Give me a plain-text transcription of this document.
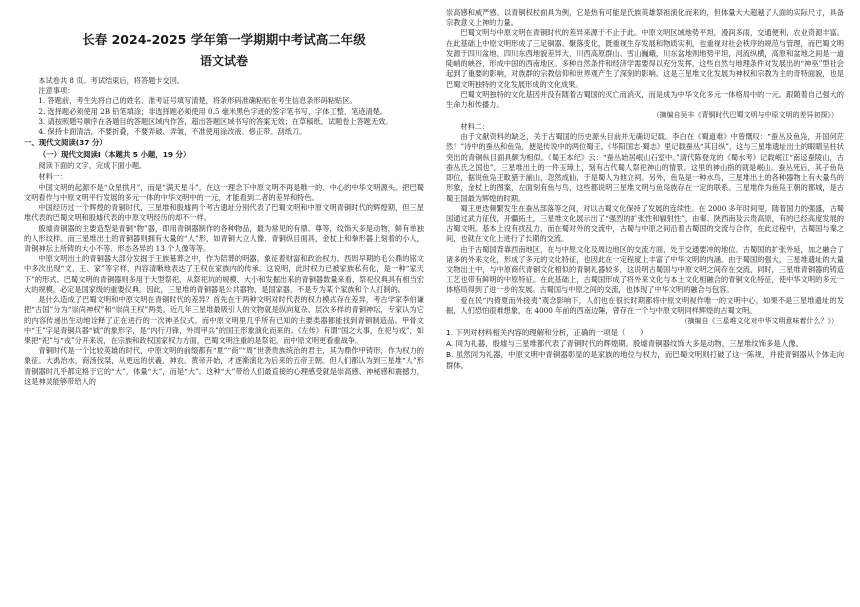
长春 2024-2025 学年第一学期期中考试高二年级
语文试卷

本试卷共 8 页。考试结束后，将答题卡交回。

注意事项：

1. 答题前，考生先将自己的姓名、准考证号填写清楚，将条形码准确粘贴在考生信息条形码粘贴区。

2. 选择题必须使用 2B 铅笔填涂；非选择题必须使用 0.5 毫米黑色字迹的签字笔书写，字体工整、笔迹清楚。

3. 请按照题号顺序在各题目的答题区域内作答，超出答题区域书写的答案无效；在草稿纸、试题卷上答题无效。

4. 保持卡面清洁，不要折叠，不要弄破、弄皱，不准使用涂改液、修正带、刮纸刀。

一、现代文阅读(37 分）

（一）现代文阅读Ⅰ（本题共 5 小题，19 分）

阅读下面的文字，完成下面小题。

材料一：

中国文明的起源不是“众星拱月”，而是“满天星斗”。在这一理念下中原文明不再是唯一的、中心的中华文明源头。把巴蜀文明看作与中原文明平行发展的多元一体的中华文明中的一元，才能看到二者的差异和特色。

中国经历过一个辉煌的青铜时代，三星堆和殷墟两个考古遗址分别代表了巴蜀文明和中原文明青铜时代的辉煌期，但三星堆代表的巴蜀文明和殷墟代表的中原文明经历的却不一样。

殷墟青铜器的主要造型是青铜“物”器，即用青铜器制作的各种物品，最为常见的有鼎、尊等，纹饰大多是动物，鲜有单独的人形纹样。而三星堆出土的青铜器则拥有大量的“人”形，如青铜大立人像、青铜纵目面具，金杖上和拳形器上刻着的小人，青铜神坛上所铸的大小不等、形态各异的 13 个人像等等。

中原文明出土的青铜器大部分发掘于王族墓葬之中，作为陪葬的明器，象征着财富和政治权力。西周早期的毛公鼎的铭文中多次出现“文、王、家”等字样，内容清晰地表达了王权在家族内的传承。这说明，此时权力已被家族私有化，是一种“家天下”的形式。巴蜀文明的青铜器则多用于大型祭祀，从祭祀坑的规模、大小和发掘出来的青铜器数量来看，祭祀仪典具有相当宏大的规模，必定是国家级的重要仪典。因此，三星堆的青铜器是公共器物，是国家器，不是专为某个家族和个人打制的。

是什么造成了巴蜀文明和中原文明在青铜时代的差异？首先在于两种文明对时代表的权力模式存在差异，考古学家李伯谦把“古国”分为“崇尚神权”和“崇尚王权”两类。近几年三星堆最吸引人的文物就是纵向复杂、层次多样的青铜神坛，专家认为它的内容传递出生动地诠释了正在进行的一次神圣仪式。而中原文明里几乎所有已知的主要类器都能找到青铜制造品。甲骨文中“王”字是青铜兵器“钺”的象形字，是“内行刀锋，外周甲兵”的国王形象演化而来的。《左传》有谓“国之大事，在祀与戎”，如果把“祀”与“戎”分开来说，在宗族和政权国家权力方面，巴蜀文明注重的是祭祀，而中原文明更看重战争。

青铜时代是一个比较英雄的时代，中原文明的前缀都有“夏”“商”“周”世袭贵族统治的君主，其为鼎作甲铸形，作为权力的象征。大禹治水，商汤伐桀，从更远的伏羲、神农、黄帝开始，才逐渐演化为后来的五帝王朝。但人们都认为到三星堆“人”形青铜器时几乎都定格于它的“大”，体量“大”，而是“大”。这种“大”带给人们最直接的心理感受就是崇高感、神秘感和震撼力，这是神灵能够带给人的

崇高感和威严感。以青铜权杖面具为例，它是热有可能是氏族英雄祭祖演化而来的，但体量大大超越了人面的实际尺寸，具备宗教意义上神的力量。

巴蜀文明与中原文明在青铜时代的差异来源于不止于此。中原文明区域地势平坦，漫润多雨，交通便利，农业资源丰富。在此基础上中原文明形成了三足铜器、聚落变化，既重视生存发展和物质实利，也重视对社会秩序的规范与管理，而巴蜀文明发源于四川盆地，四川东西地貌差异大，川西高原群山、雪山巍峨，川东盆地则地势平坦，河流纵横，高原和盆地之间是一道陡峭的峡谷，形成中国的西南地区。多种自然条件和经济学需要得以充分发挥，这些自然与地理条件对发展出的“神巫”型社会起到了重要的影响，对族群的宗教信仰和世界观产生了深刻的影响。这是三星堆文化发展为神权和宗教为主的奇特面貌，也是巴蜀文明独特的文化发展形成的文化成果。

巴蜀文明独特的文化基因并没有随着古蜀国的灭亡而消灭，而是成为中华文化多元一体格局中的一元。跟随着自己强大的生命力和传播力。

（摘编自吴丰《青铜时代巴蜀文明与中原文明的差异初探》）

材料二：

由于文献资料的缺乏，关于古蜀国的历史源头目前并无确切记载。李白在《蜀道难》中曾慨叹：“蚕丛及鱼凫，开国何茫然！”诗中的蚕丛和鱼凫，便是传说中的两位蜀王。《华阳国志·蜀志》里记载蚕丛“其目纵”，这与三星堆遗址出土的眼睛呈柱状突出的青铜纵目面具颇为相似。《蜀王本纪》云：“蚕丛始居岷山石室中。”清代陈登龙的《蜀水考》记载岷江“南迳蚕陵山，古蚕丛氏之国也”，三星堆出土的一件玉璋上，刻有古代蜀人祭祀神山的情景。这里的神山指的就是岷山。蚕丛死后，其子鱼凫即位，据说鱼凫王畋猎于湔山，忽然成仙，于是蜀人为他立祠。另外，鱼凫是一种水鸟，三星堆出土的各种器物上有大量鸟的形象，金杖上的图案，左面刻有鱼与鸟，这些都说明三星堆文明与鱼凫族存在一定的联系。三星堆作为鱼凫王朝的都城，是古蜀王国最为辉煌的时期。

蜀王更迭频繁发生在蚕丛部落等之间，对以古蜀文化保持了发展的连续性。在 2000 多年时间里，随着国力的强盛，古蜀国通过武力征伐，开疆拓土，三星堆文化展示出了“强烈的扩张性和辐射性”，由秦、陕西南及云贵高原，有的已经高度发展的古蜀文明。基本上没有扰乱力，而在蜀对外的交流中，古蜀与中原之间沿着古蜀国的交流与合作，在此过程中，古蜀国与秦之间，也就在文化上进行了长期的交流。

由于古蜀国背靠西南地区，在与中原文化及周边地区的交流方面，处于交通要冲的地位。古蜀国的扩张外延，加之融合了诸多的外来文化，形成了多元的文化特征，也因此在一定程度上丰富了中华文明的内涵。由于蜀国的强大，三星堆遗址的大量文物出土中，与中原商代青铜文化相似的青铜礼器较多，这说明古蜀国与中原文明之间存在交流，同时，三星堆青铜器的铸造工艺也带有鲜明的中原特征。在此基础上，古蜀国形成了将外来文化与本土文化相融合的青铜文化特征，使中华文明的多元一体格局得到了进一步的发展。古蜀国与中原之间的交流，也体现了中华文明的融合与包容。

爱在民“内倚夏而外接夷”观念影响下，人们也在很长时期都将中原文明视作唯一的文明中心，如果不是三星堆遗址的发掘，人们恐怕很难想象，在 4000 年前的西南边陲，曾存在一个与中原文明同样辉煌的古蜀文明。

（摘编自《三星堆文化对中华文明意味着什么？》）

1. 下列对材料相关内容的理解和分析，正确的一项是（　　）

A. 同为礼器，殷墟与三星堆都代表了青铜时代的辉煌期。殷墟青铜器纹饰大多是动物，三星堆纹饰多是人像。

B. 虽然同为礼器，中原文明中青铜器彰显的是家族的地位与权力，而巴蜀文明则打破了这一陈规，并使青铜器从个体走向群体。
